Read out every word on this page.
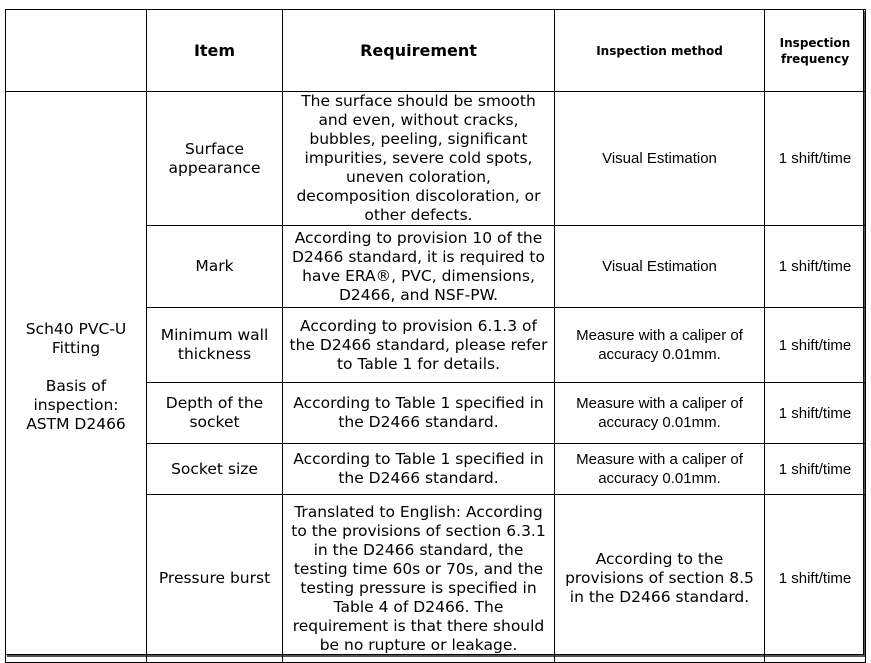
	Item	Requirement	Inspection method	Inspection frequency

Sch40 PVC-U Fitting
Basis of inspection: ASTM D2466	Surface appearance	The surface should be smooth and even, without cracks, bubbles, peeling, significant impurities, severe cold spots, uneven coloration, decomposition discoloration, or other defects.	Visual Estimation	1 shift/time
	Mark	According to provision 10 of the D2466 standard, it is required to have ERA®, PVC, dimensions, D2466, and NSF-PW.	Visual Estimation	1 shift/time
	Minimum wall thickness	According to provision 6.1.3 of the D2466 standard, please refer to Table 1 for details.	Measure with a caliper of accuracy 0.01mm.	1 shift/time
	Depth of the socket	According to Table 1 specified in the D2466 standard.	Measure with a caliper of accuracy 0.01mm.	1 shift/time
	Socket size	According to Table 1 specified in the D2466 standard.	Measure with a caliper of accuracy 0.01mm.	1 shift/time
	Pressure burst	Translated to English: According to the provisions of section 6.3.1 in the D2466 standard, the testing time 60s or 70s, and the testing pressure is specified in Table 4 of D2466. The requirement is that there should be no rupture or leakage.	According to the provisions of section 8.5 in the D2466 standard.	1 shift/time
